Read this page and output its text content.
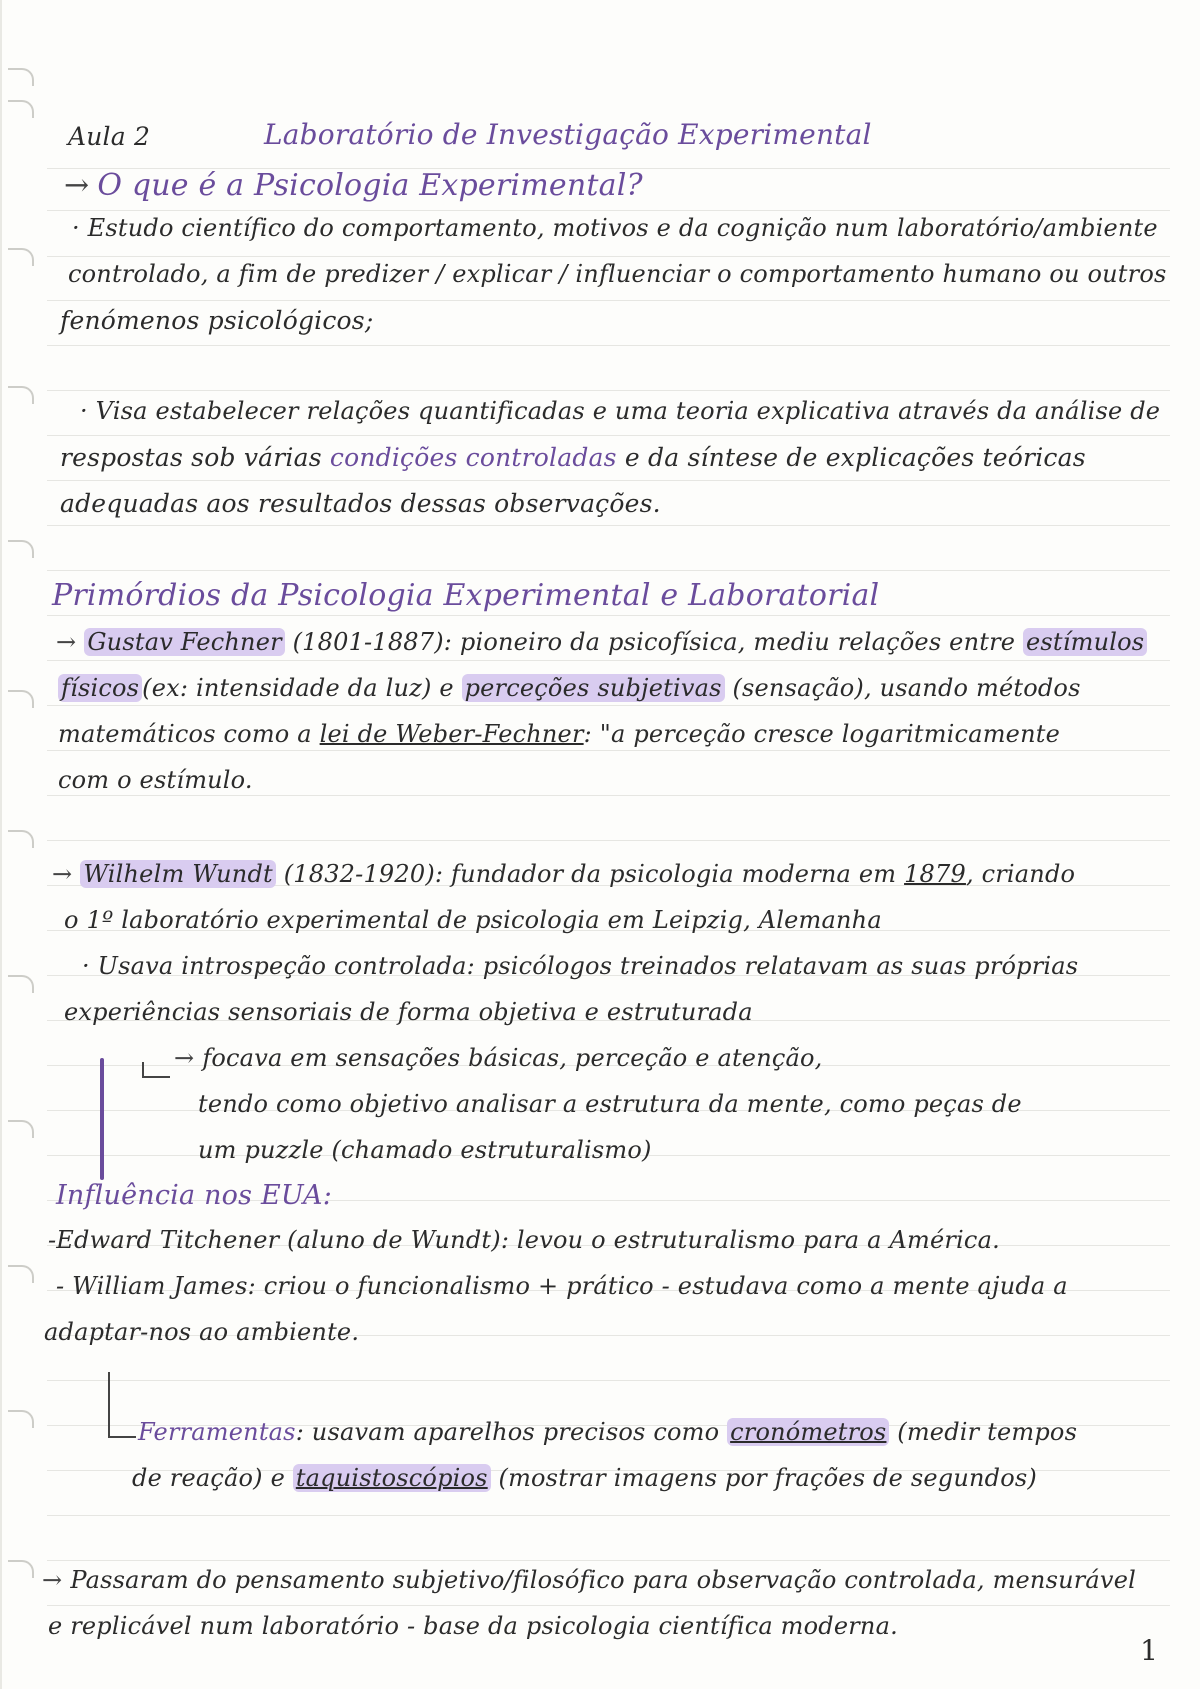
Aula 2	Laboratório de Investigação Experimental
→ O que é a Psicologia Experimental?
· Estudo científico do comportamento, motivos e da cognição num laboratório/ambiente
controlado, a fim de predizer / explicar / influenciar o comportamento humano ou outros
fenómenos psicológicos;
· Visa estabelecer relações quantificadas e uma teoria explicativa através da análise de
respostas sob várias condições controladas e da síntese de explicações teóricas
adequadas aos resultados dessas observações.
Primórdios da Psicologia Experimental e Laboratorial
→ Gustav Fechner (1801-1887): pioneiro da psicofísica, mediu relações entre estímulos
físicos (ex: intensidade da luz) e perceções subjetivas (sensação), usando métodos
matemáticos como a lei de Weber-Fechner: "a perceção cresce logaritmicamente
com o estímulo.
→ Wilhelm Wundt (1832-1920): fundador da psicologia moderna em 1879, criando
o 1º laboratório experimental de psicologia em Leipzig, Alemanha
· Usava introspeção controlada: psicólogos treinados relatavam as suas próprias
experiências sensoriais de forma objetiva e estruturada
→ focava em sensações básicas, perceção e atenção,
tendo como objetivo analisar a estrutura da mente, como peças de
um puzzle (chamado estruturalismo)
Influência nos EUA:
-Edward Titchener (aluno de Wundt): levou o estruturalismo para a América.
- William James: criou o funcionalismo + prático - estudava como a mente ajuda a
adaptar-nos ao ambiente.
Ferramentas: usavam aparelhos precisos como cronómetros (medir tempos
de reação) e taquistoscópios (mostrar imagens por frações de segundos)
→ Passaram do pensamento subjetivo/filosófico para observação controlada, mensurável
e replicável num laboratório - base da psicologia científica moderna.
1
